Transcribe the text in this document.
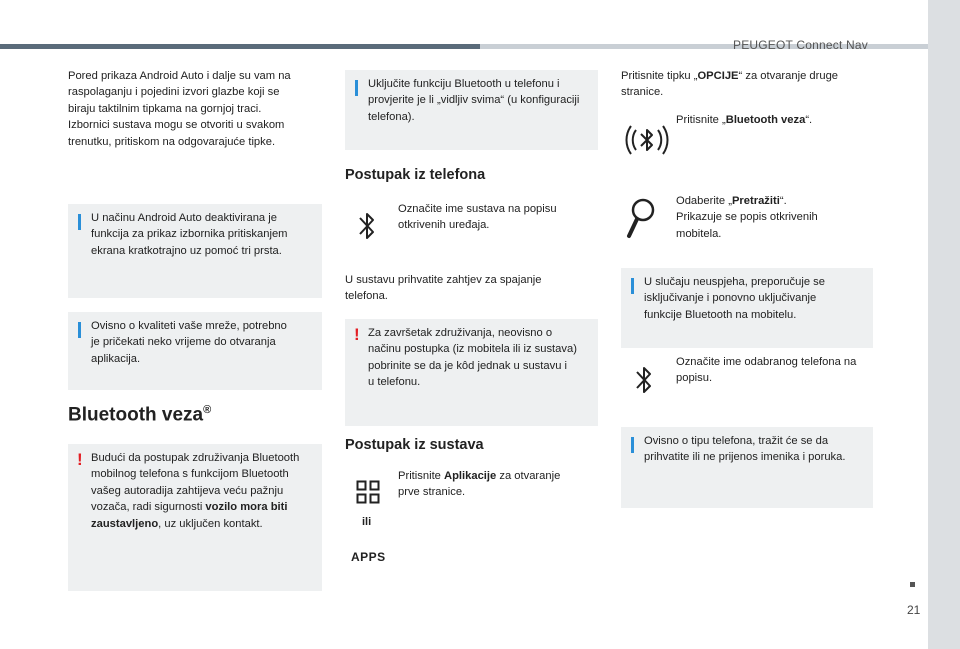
PEUGEOT Connect Nav
21
Pored prikaza Android Auto i dalje su vam na
raspolaganju i pojedini izvori glazbe koji se
biraju taktilnim tipkama na gornjoj traci.
Izbornici sustava mogu se otvoriti u svakom
trenutku, pritiskom na odgovarajuće tipke.
U načinu Android Auto deaktivirana je
funkcija za prikaz izbornika pritiskanjem
ekrana kratkotrajno uz pomoć tri prsta.
Ovisno o kvaliteti vaše mreže, potrebno
je pričekati neko vrijeme do otvaranja
aplikacija.
Bluetooth veza®
! Budući da postupak združivanja Bluetooth
mobilnog telefona s funkcijom Bluetooth
vašeg autoradija zahtijeva veću pažnju
vozača, radi sigurnosti vozilo mora biti
zaustavljeno, uz uključen kontakt.
Uključite funkciju Bluetooth u telefonu i
provjerite je li „vidljiv svima“ (u konfiguraciji
telefona).
Postupak iz telefona
Označite ime sustava na popisu
otkrivenih uređaja.
U sustavu prihvatite zahtjev za spajanje
telefona.
! Za završetak združivanja, neovisno o
načinu postupka (iz mobitela ili iz sustava)
pobrinite se da je kôd jednak u sustavu i
u telefonu.
Postupak iz sustava
Pritisnite Aplikacije za otvaranje
prve stranice.
ili
APPS
Pritisnite tipku „OPCIJE“ za otvaranje druge
stranice.
Pritisnite „Bluetooth veza“.
Odaberite „Pretražiti“.
Prikazuje se popis otkrivenih
mobitela.
U slučaju neuspjeha, preporučuje se
isključivanje i ponovno uključivanje
funkcije Bluetooth na mobitelu.
Označite ime odabranog telefona na
popisu.
Ovisno o tipu telefona, tražit će se da
prihvatite ili ne prijenos imenika i poruka.
